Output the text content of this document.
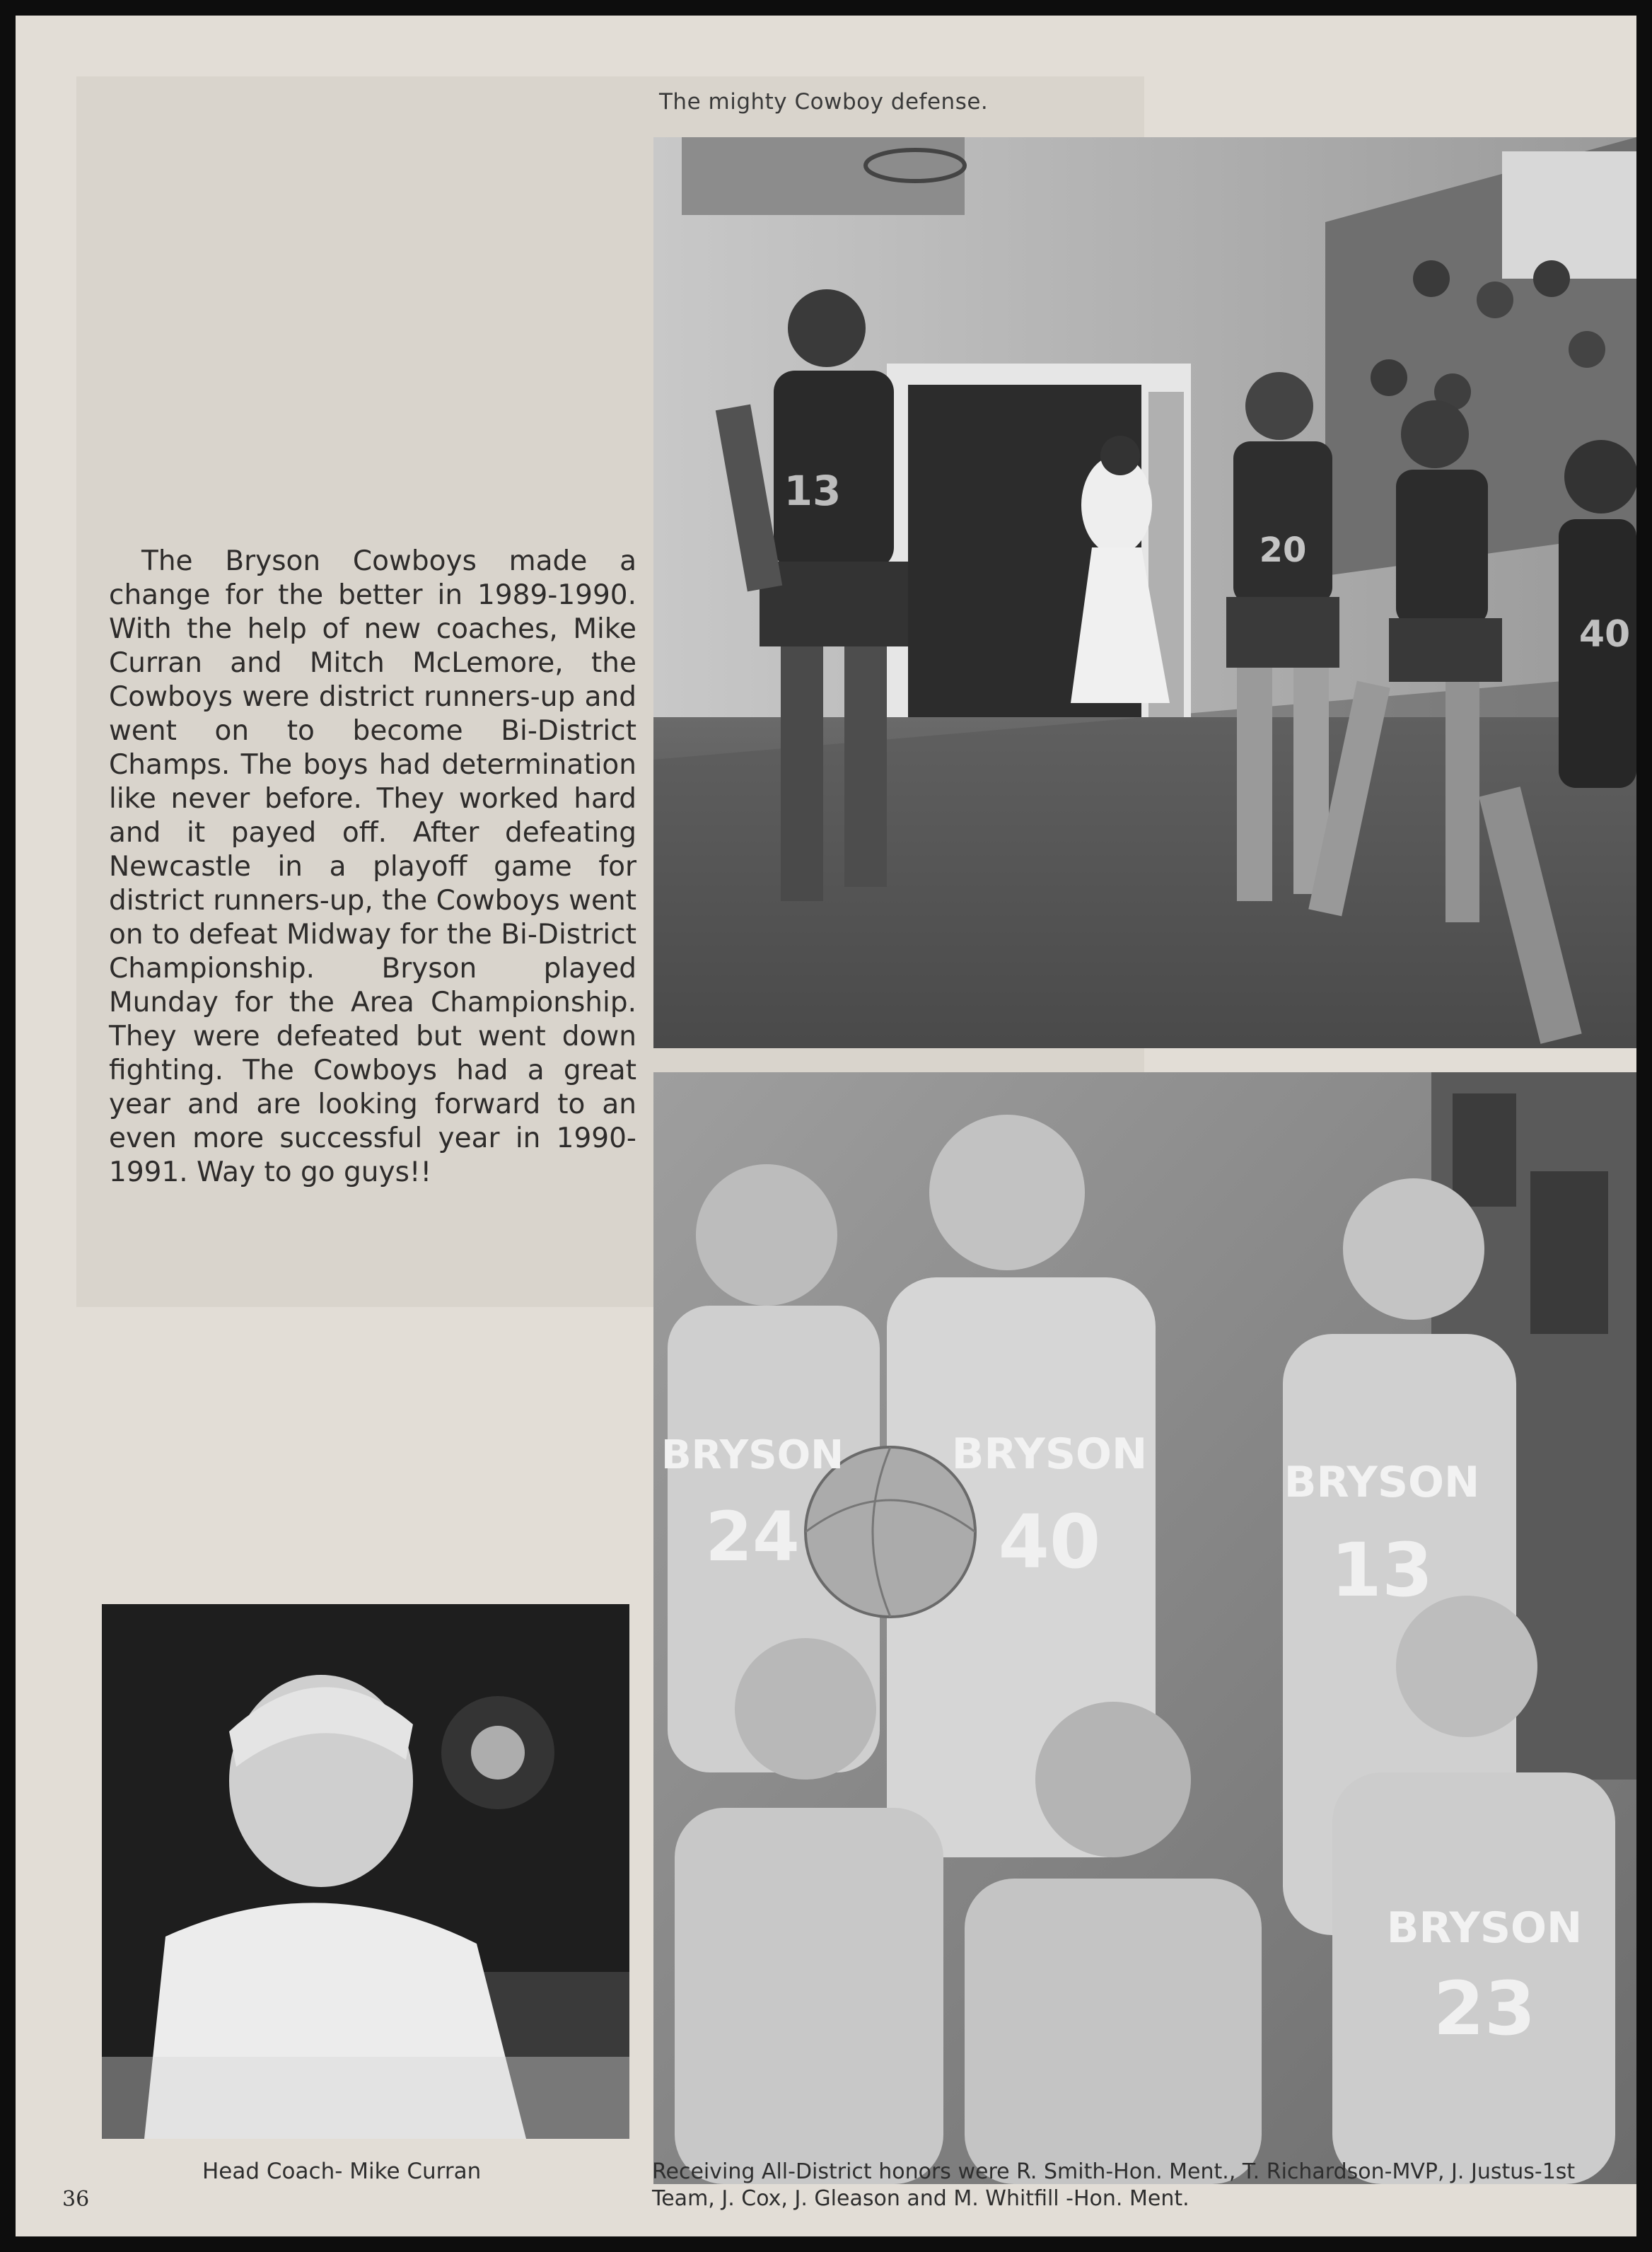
The mighty Cowboy defense.

The Bryson Cowboys made a change for the better in 1989-1990. With the help of new coaches, Mike Curran and Mitch McLemore, the Cowboys were district runners-up and went on to become Bi-District Champs. The boys had determination like never before. They worked hard and it payed off. After defeating Newcastle in a playoff game for district runners-up, the Cowboys went on to defeat Midway for the Bi-District Championship. Bryson played Munday for the Area Championship. They were defeated but went down fighting. The Cowboys had a great year and are looking forward to an even more successful year in 1990-1991. Way to go guys!!

13
20
40
BRYSON
24
BRYSON
40
BRYSON
13
BRYSON
23
Head Coach- Mike Curran	Receiving All-District honors were R. Smith-Hon. Ment., T. Richardson-MVP, J. Justus-1st Team, J. Cox, J. Gleason and M. Whitfill -Hon. Ment.

36
